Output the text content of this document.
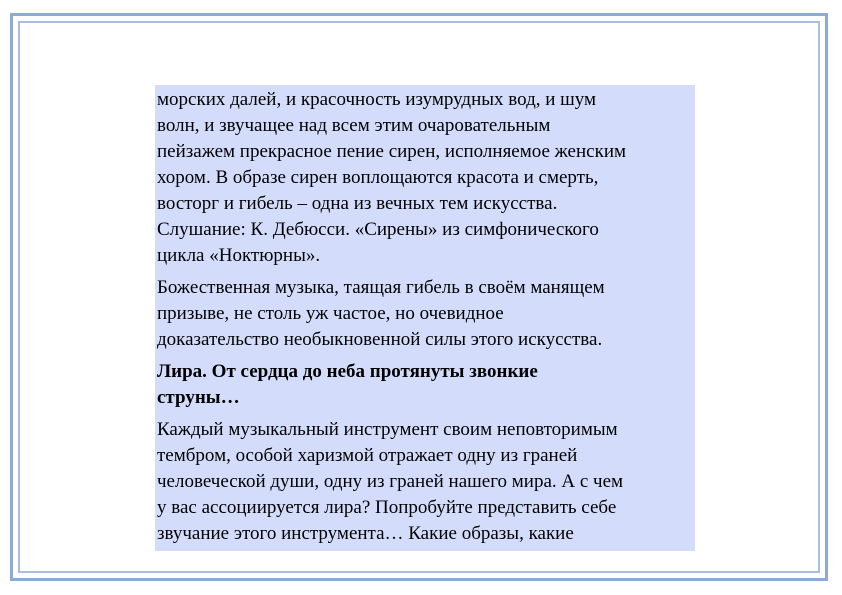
морских далей, и красочность изумрудных вод, и шум
волн, и звучащее над всем этим очаровательным
пейзажем прекрасное пение сирен, исполняемое женским
хором. В образе сирен воплощаются красота и смерть,
восторг и гибель – одна из вечных тем искусства.
Слушание: К. Дебюсси. «Сирены» из симфонического
цикла «Ноктюрны».

Божественная музыка, таящая гибель в своём манящем
призыве, не столь уж частое, но очевидное
доказательство необыкновенной силы этого искусства.

Лира. От сердца до неба протянуты звонкие
струны…

Каждый музыкальный инструмент своим неповторимым
тембром, особой харизмой отражает одну из граней
человеческой души, одну из граней нашего мира. А с чем
у вас ассоциируется лира? Попробуйте представить себе
звучание этого инструмента… Какие образы, какие
